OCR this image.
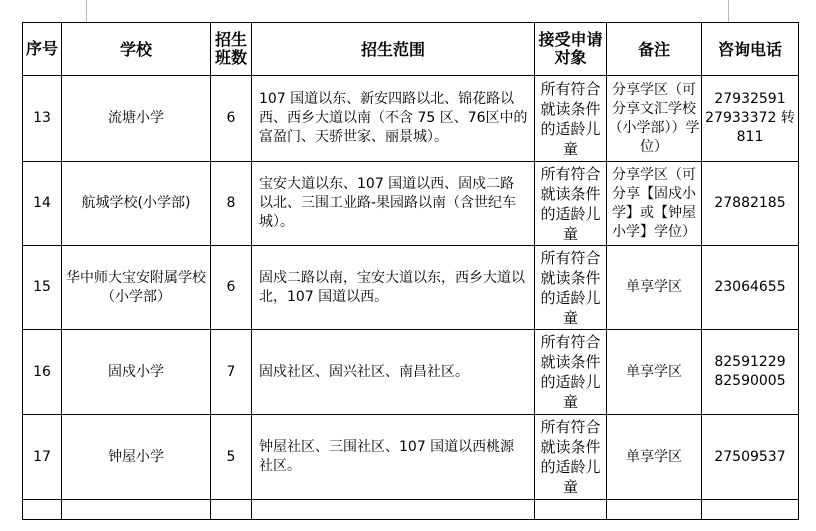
序号	学校	招生班数	招生范围	接受申请对象	备注	咨询电话
13	流塘小学	6	107 国道以东、新安四路以北、锦花路以西、西乡大道以南（不含 75 区、76区中的富盈门、天骄世家、丽景城）。	所有符合就读条件的适龄儿童	分享学区（可分享文汇学校（小学部））学位）	27932591 27933372 转811
14	航城学校(小学部)	8	宝安大道以东、107 国道以西、固戍二路以北、三围工业路-果园路以南（含世纪车城）。	所有符合就读条件的适龄儿童	分享学区（可分享【固戍小学】或【钟屋小学】学位）	27882185
15	华中师大宝安附属学校（小学部）	6	固戍二路以南，宝安大道以东，西乡大道以北，107 国道以西。	所有符合就读条件的适龄儿童	单享学区	23064655
16	固戍小学	7	固戍社区、固兴社区、南昌社区。	所有符合就读条件的适龄儿童	单享学区	82591229 82590005
17	钟屋小学	5	钟屋社区、三围社区、107 国道以西桃源社区。	所有符合就读条件的适龄儿童	单享学区	27509537
